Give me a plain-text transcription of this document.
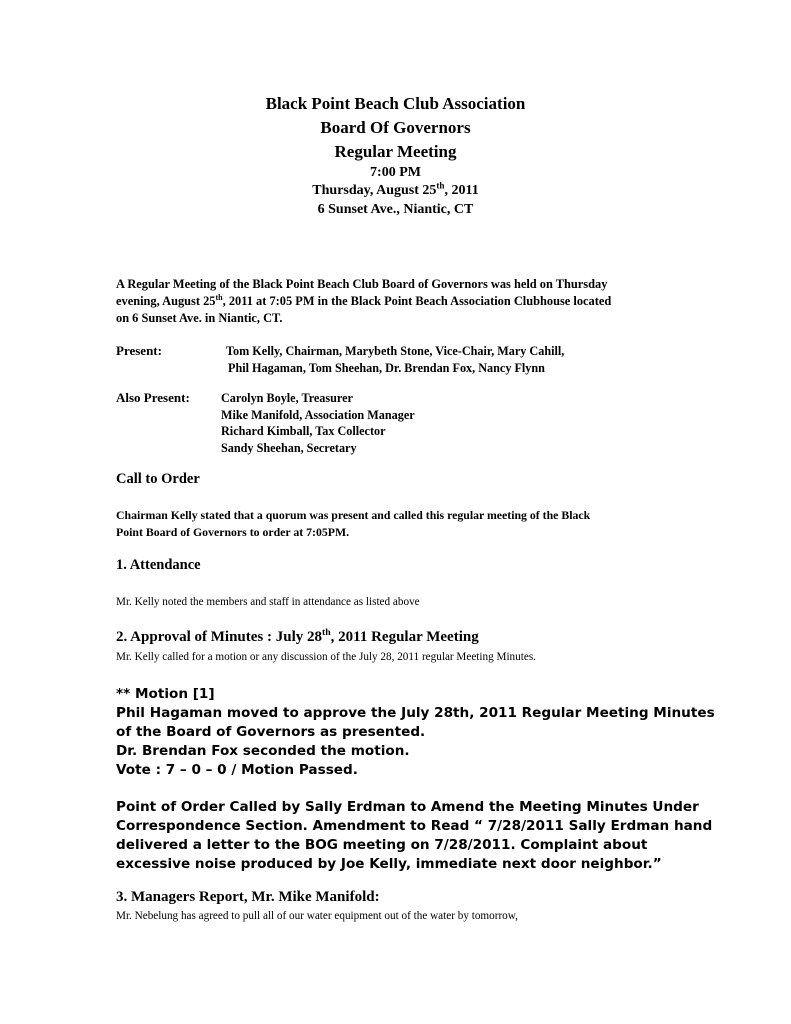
Black Point Beach Club Association
Board Of Governors
Regular Meeting
7:00 PM
Thursday, August 25th, 2011
6 Sunset Ave., Niantic, CT
A Regular Meeting of the Black Point Beach Club Board of Governors was held on Thursday
evening, August 25th, 2011 at 7:05 PM in the Black Point Beach Association Clubhouse located
on 6 Sunset Ave. in Niantic, CT.
Present:	Tom Kelly, Chairman, Marybeth Stone, Vice-Chair, Mary Cahill,
Phil Hagaman, Tom Sheehan, Dr. Brendan Fox, Nancy Flynn
Also Present:	Carolyn Boyle, Treasurer
Mike Manifold, Association Manager
Richard Kimball, Tax Collector
Sandy Sheehan, Secretary
Call to Order
Chairman Kelly stated that a quorum was present and called this regular meeting of the Black
Point Board of Governors to order at 7:05PM.
1. Attendance
Mr. Kelly noted the members and staff in attendance as listed above
2. Approval of Minutes : July 28th, 2011 Regular Meeting
Mr. Kelly called for a motion or any discussion of the July 28, 2011 regular Meeting Minutes.
** Motion [1]
Phil Hagaman moved to approve the July 28th, 2011 Regular Meeting Minutes
of the Board of Governors as presented.
Dr. Brendan Fox seconded the motion.
Vote : 7 – 0 – 0 / Motion Passed.
Point of Order Called by Sally Erdman to Amend the Meeting Minutes Under
Correspondence Section. Amendment to Read “ 7/28/2011 Sally Erdman hand
delivered a letter to the BOG meeting on 7/28/2011. Complaint about
excessive noise produced by Joe Kelly, immediate next door neighbor.”
3. Managers Report, Mr. Mike Manifold:
Mr. Nebelung has agreed to pull all of our water equipment out of the water by tomorrow,
